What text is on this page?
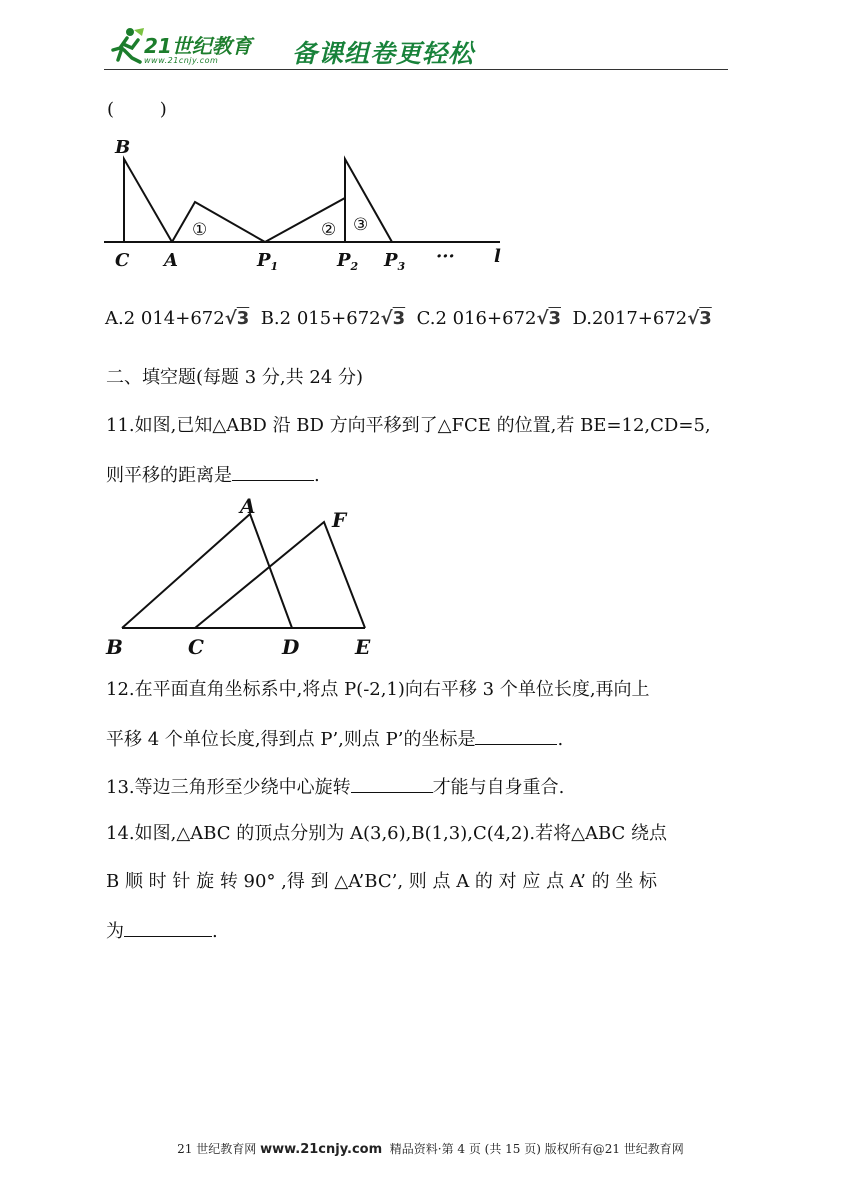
21世纪教育
www.21cnjy.com	备课组卷更轻松
(        )
B
C A	$P_1$	$P_2$ $P_3$ ··· l
①	② ③
A.2 014+672√3 B.2 015+672√3 C.2 016+672√3 D.2017+672√3
二、填空题(每题 3 分,共 24 分)
11.如图,已知△ABD 沿 BD 方向平移到了△FCE 的位置,若 BE=12,CD=5,
则平移的距离是	.
A
F
B	C	D	E
12.在平面直角坐标系中,将点 P(-2,1)向右平移 3 个单位长度,再向上
平移 4 个单位长度,得到点 P’,则点 P’的坐标是	.
13.等边三角形至少绕中心旋转	才能与自身重合.
14.如图,△ABC 的顶点分别为 A(3,6),B(1,3),C(4,2).若将△ABC 绕点
B 顺 时 针 旋 转 90° ,得 到 △A’BC’, 则 点 A 的 对 应 点 A’ 的 坐 标
为	.
21 世纪教育网 www.21cnjy.com  精品资料·第 4 页 (共 15 页) 版权所有@21 世纪教育网
